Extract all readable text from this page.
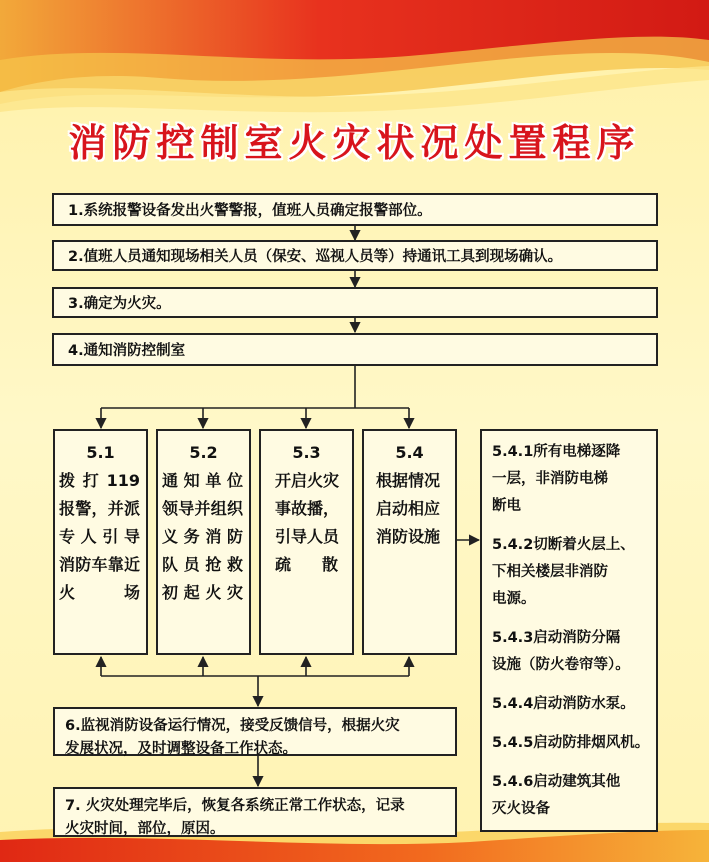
消防控制室火灾状况处置程序
1.系统报警设备发出火警警报，值班人员确定报警部位。
2.值班人员通知现场相关人员（保安、巡视人员等）持通讯工具到现场确认。
3.确定为火灾。
4.通知消防控制室
5.1
拨 打 119
报警，并派
专人引导
消防车靠近
火 场
5.2
通知单位
领导并组织
义务消防
队员抢救
初起火灾
5.3
开启火灾
事故播，
引导人员
疏 散
5.4
根据情况
启动相应
消防设施
5.4.1所有电梯逐降
一层，非消防电梯
断电
5.4.2切断着火层上、
下相关楼层非消防
电源。
5.4.3启动消防分隔
设施（防火卷帘等）。
5.4.4启动消防水泵。
5.4.5启动防排烟风机。
5.4.6启动建筑其他
灭火设备
6.监视消防设备运行情况，接受反馈信号，根据火灾
发展状况，及时调整设备工作状态。
7. 火灾处理完毕后，恢复各系统正常工作状态，记录
火灾时间，部位，原因。
